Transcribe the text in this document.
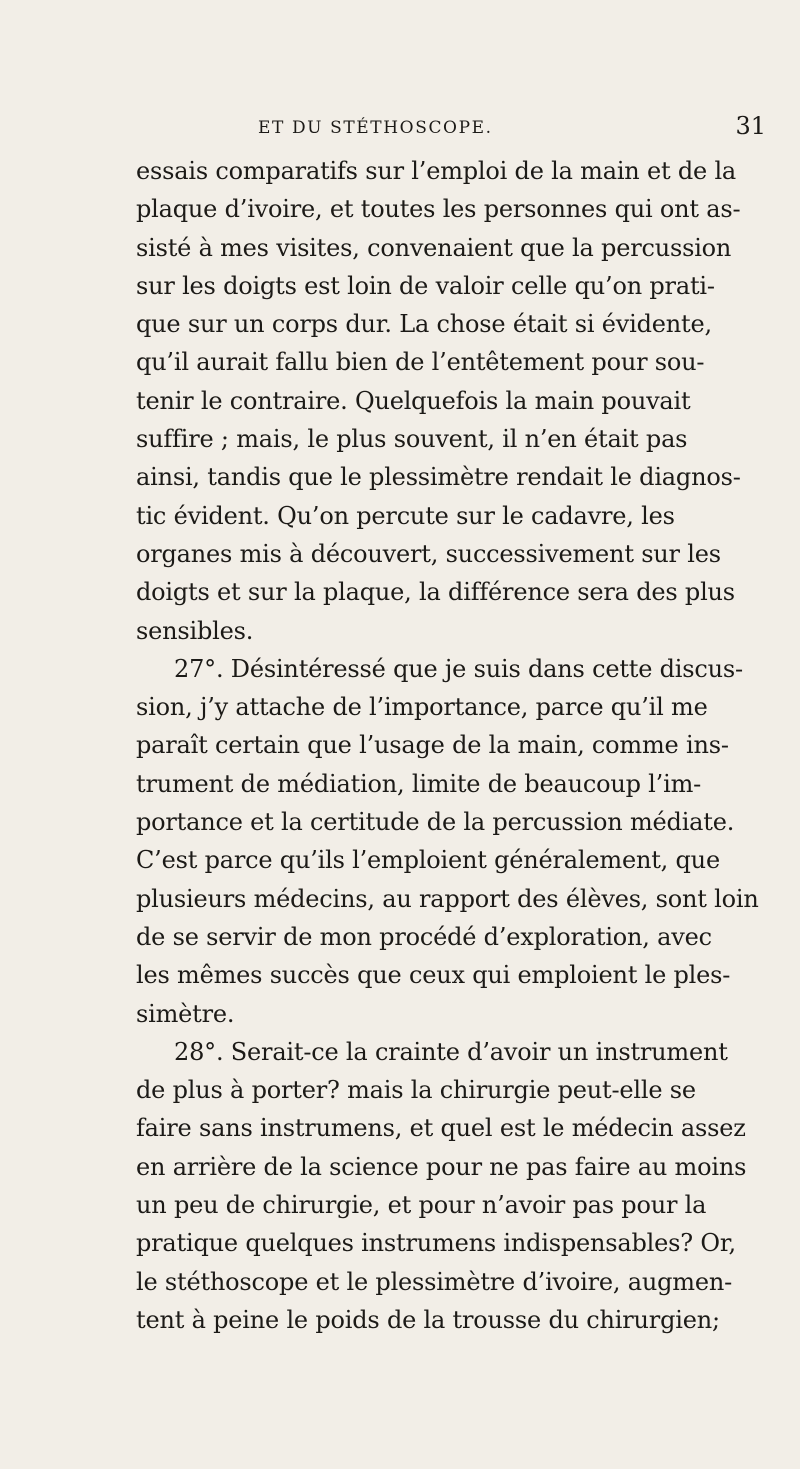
ET DU STÉTHOSCOPE.	31
essais comparatifs sur l’emploi de la main et de la
plaque d’ivoire, et toutes les personnes qui ont as-
sisté à mes visites, convenaient que la percussion
sur les doigts est loin de valoir celle qu’on prati-
que sur un corps dur. La chose était si évidente,
qu’il aurait fallu bien de l’entêtement pour sou-
tenir le contraire. Quelquefois la main pouvait
suffire ; mais, le plus souvent, il n’en était pas
ainsi, tandis que le plessimètre rendait le diagnos-
tic évident. Qu’on percute sur le cadavre, les
organes mis à découvert, successivement sur les
doigts et sur la plaque, la différence sera des plus
sensibles.
27°. Désintéressé que je suis dans cette discus-
sion, j’y attache de l’importance, parce qu’il me
paraît certain que l’usage de la main, comme ins-
trument de médiation, limite de beaucoup l’im-
portance et la certitude de la percussion médiate.
C’est parce qu’ils l’emploient généralement, que
plusieurs médecins, au rapport des élèves, sont loin
de se servir de mon procédé d’exploration, avec
les mêmes succès que ceux qui emploient le ples-
simètre.
28°. Serait-ce la crainte d’avoir un instrument
de plus à porter? mais la chirurgie peut-elle se
faire sans instrumens, et quel est le médecin assez
en arrière de la science pour ne pas faire au moins
un peu de chirurgie, et pour n’avoir pas pour la
pratique quelques instrumens indispensables? Or,
le stéthoscope et le plessimètre d’ivoire, augmen-
tent à peine le poids de la trousse du chirurgien;
